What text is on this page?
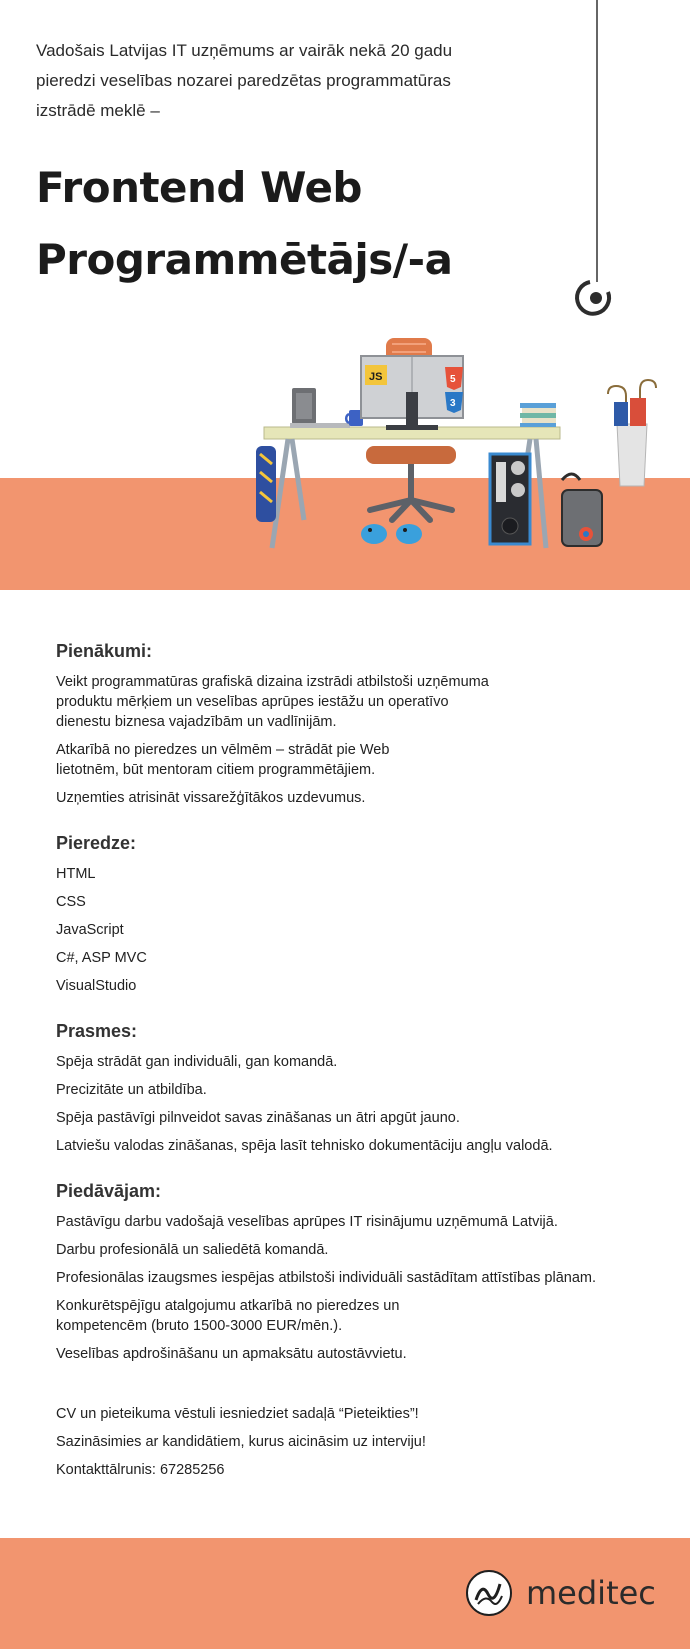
JS	5
3

Vadošais Latvijas IT uzņēmums ar vairāk nekā 20 gadu pieredzi veselības nozarei paredzētas programmatūras izstrādē meklē –

Frontend Web
Programmētājs/-a
Pienākumi:

Veikt programmatūras grafiskā dizaina izstrādi atbilstoši uzņēmuma produktu mērķiem un veselības aprūpes iestāžu un operatīvo dienestu biznesa vajadzībām un vadlīnijām.

Atkarībā no pieredzes un vēlmēm – strādāt pie Web lietotnēm, būt mentoram citiem programmētājiem.

Uzņemties atrisināt vissarežģītākos uzdevumus.

Pieredze:
HTML
CSS
JavaScript
C#, ASP MVC
VisualStudio
Prasmes:
Spēja strādāt gan individuāli, gan komandā.
Precizitāte un atbildība.
Spēja pastāvīgi pilnveidot savas zināšanas un ātri apgūt jauno.
Latviešu valodas zināšanas, spēja lasīt tehnisko dokumentāciju angļu valodā.
Piedāvājam:
Pastāvīgu darbu vadošajā veselības aprūpes IT risinājumu uzņēmumā Latvijā.
Darbu profesionālā un saliedētā komandā.
Profesionālas izaugsmes iespējas atbilstoši individuāli sastādītam attīstības plānam.
Konkurētspējīgu atalgojumu atkarībā no pieredzes un kompetencēm (bruto 1500-3000 EUR/mēn.).
Veselības apdrošināšanu un apmaksātu autostāvvietu.
CV un pieteikuma vēstuli iesniedziet sadaļā “Pieteikties”!
Sazināsimies ar kandidātiem, kurus aicināsim uz interviju!
Kontakttālrunis: 67285256
meditec
